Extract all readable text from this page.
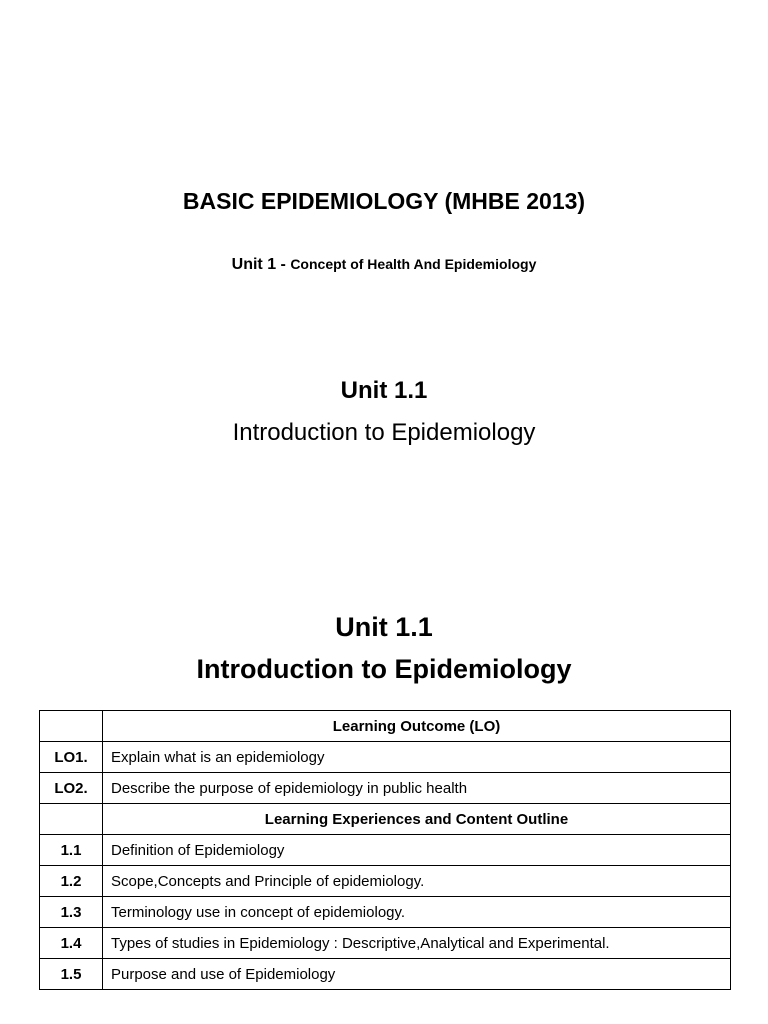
BASIC EPIDEMIOLOGY (MHBE 2013)
Unit 1 - Concept of Health And Epidemiology
Unit 1.1
Introduction to Epidemiology
Unit 1.1
Introduction to Epidemiology
	Learning Outcome (LO)
LO1.	Explain what is an epidemiology
LO2.	Describe the purpose of epidemiology in public health
	Learning Experiences and Content Outline
1.1	Definition of Epidemiology
1.2	Scope,Concepts and Principle of epidemiology.
1.3	Terminology use in concept of epidemiology.
1.4	Types of studies in Epidemiology : Descriptive,Analytical and Experimental.
1.5	Purpose and use of Epidemiology
